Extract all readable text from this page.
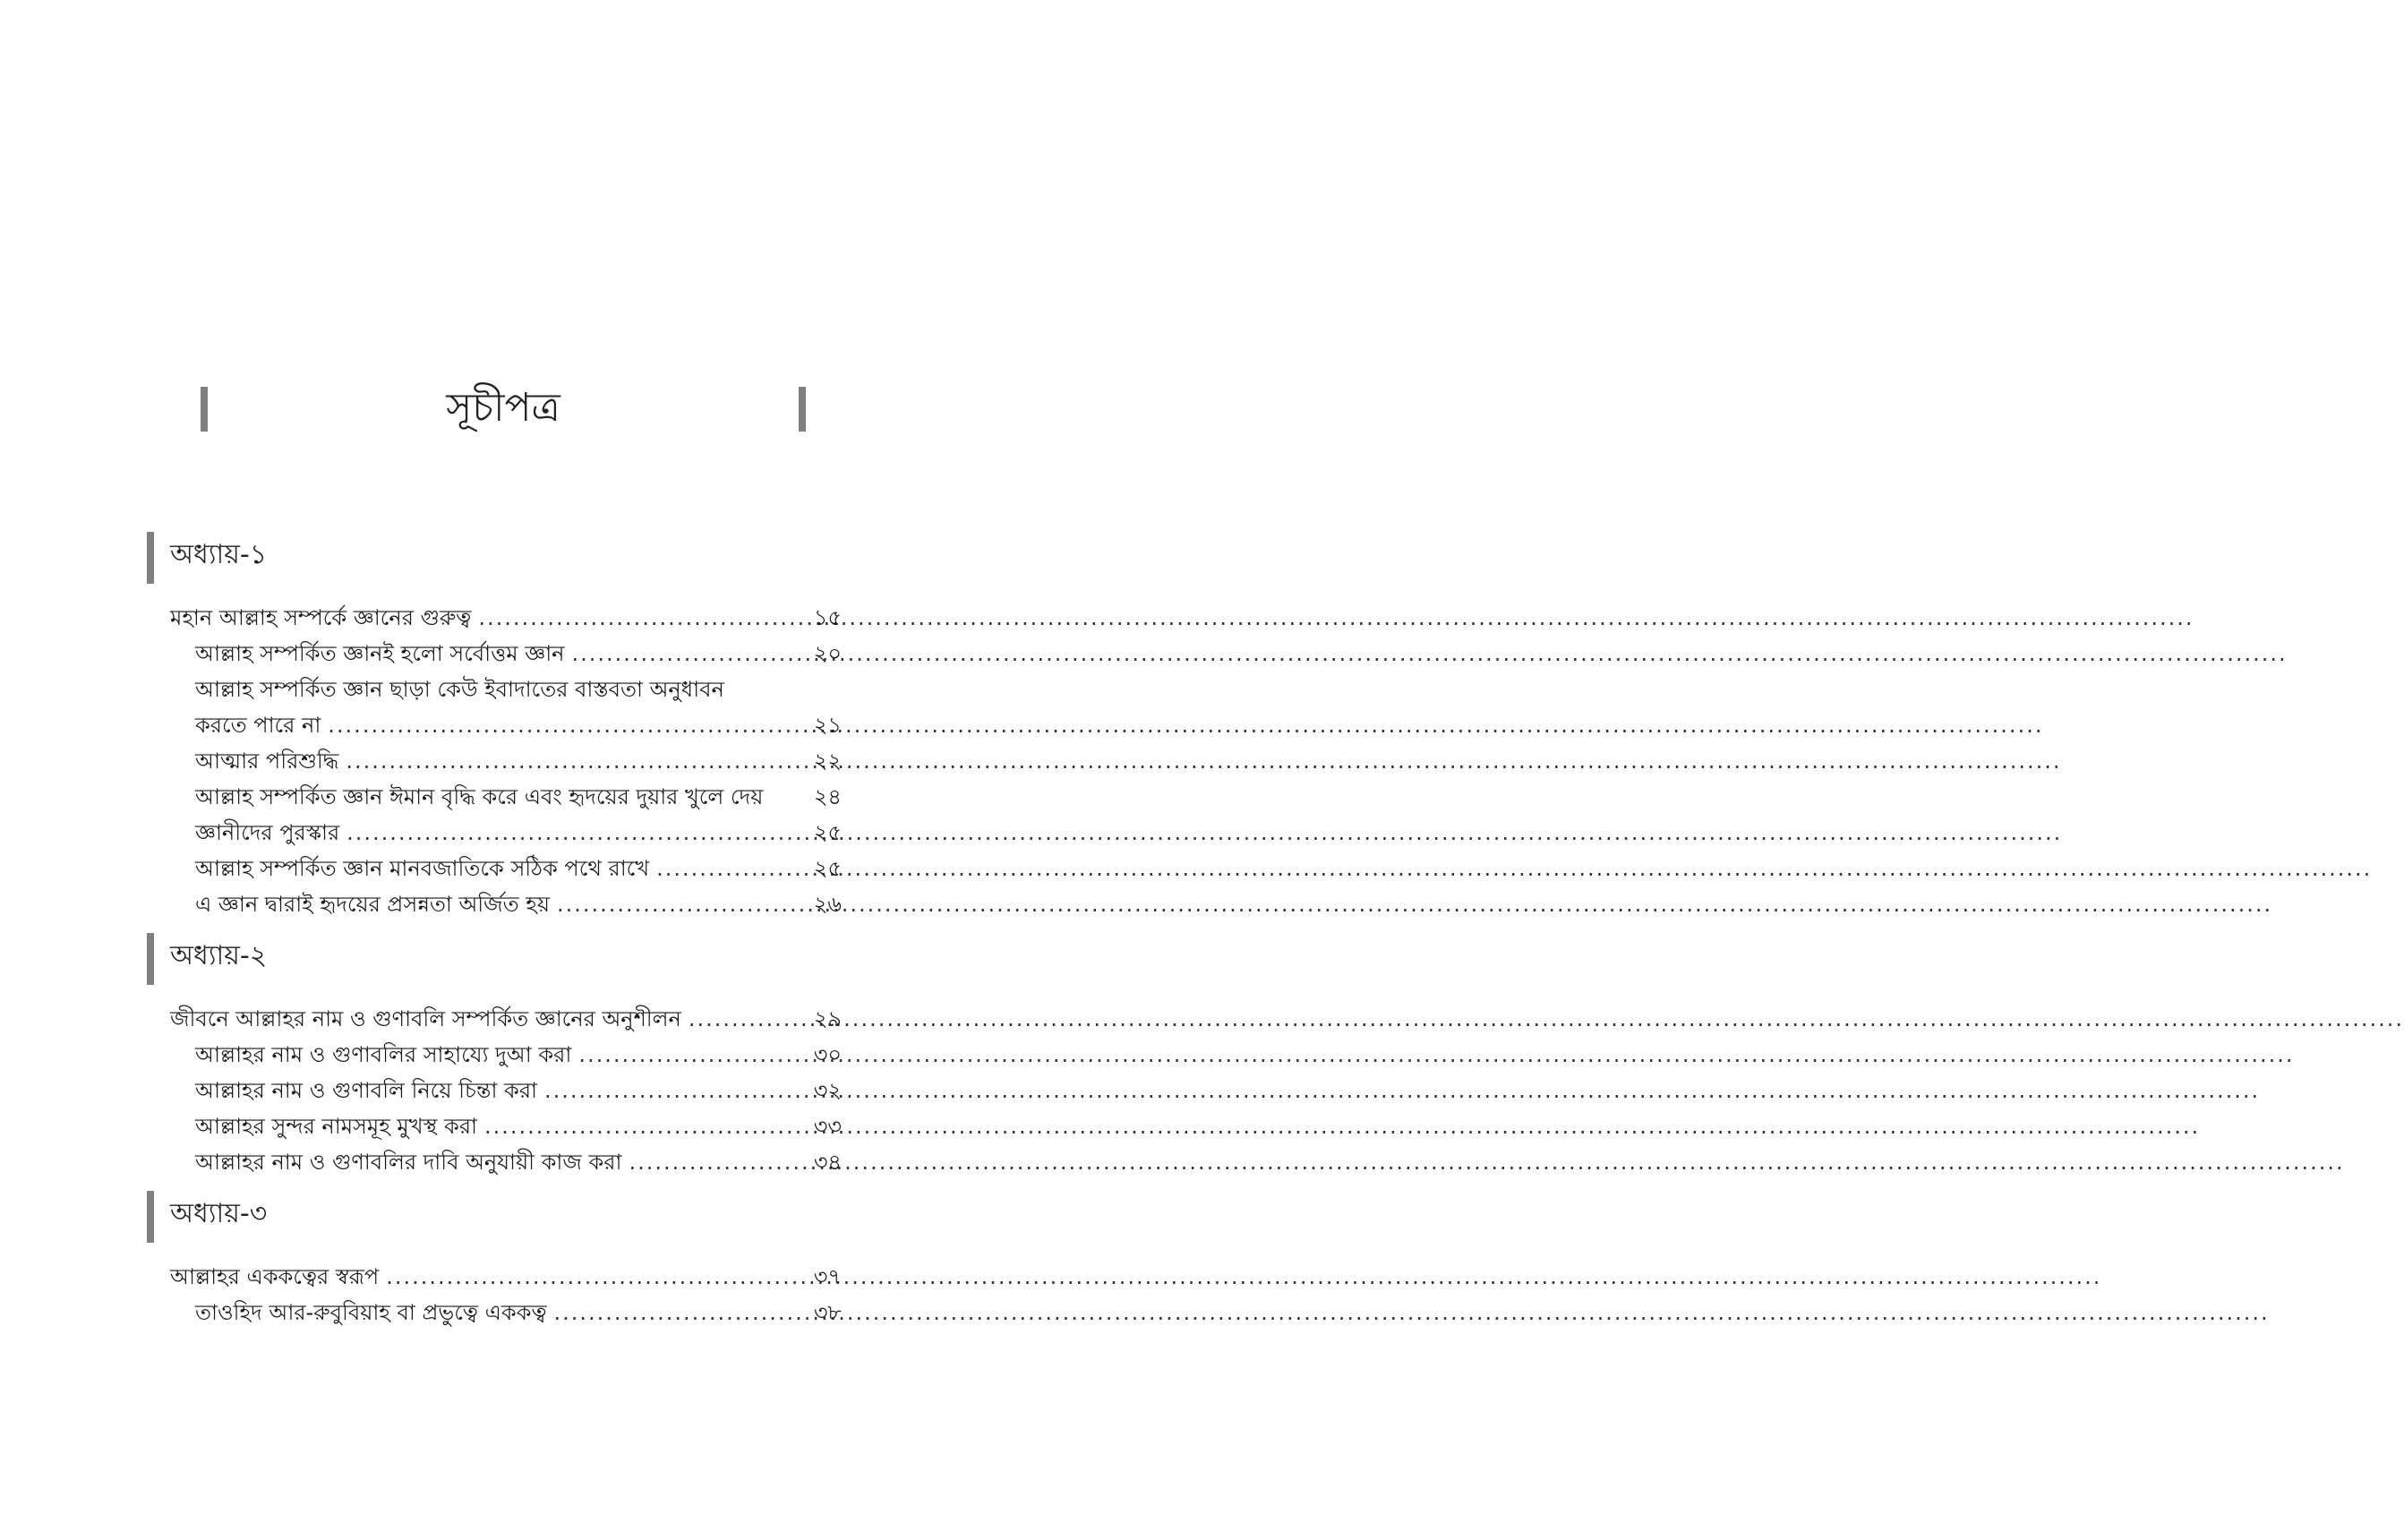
সূচীপত্র
অধ্যায়-১
মহান আল্লাহ সম্পর্কে জ্ঞানের গুরুত্ব .....	১৫
আল্লাহ সম্পর্কিত জ্ঞানই হলো সর্বোত্তম জ্ঞান .....	২০
আল্লাহ সম্পর্কিত জ্ঞান ছাড়া কেউ ইবাদাতের বাস্তবতা অনুধাবন
করতে পারে না .....	২১
আত্মার পরিশুদ্ধি .....	২২
আল্লাহ সম্পর্কিত জ্ঞান ঈমান বৃদ্ধি করে এবং হৃদয়ের দুয়ার খুলে দেয়	২৪
জ্ঞানীদের পুরস্কার .....	২৫
আল্লাহ সম্পর্কিত জ্ঞান মানবজাতিকে সঠিক পথে রাখে .....	২৫
এ জ্ঞান দ্বারাই হৃদয়ের প্রসন্নতা অর্জিত হয় .....	২৬
অধ্যায়-২
জীবনে আল্লাহর নাম ও গুণাবলি সম্পর্কিত জ্ঞানের অনুশীলন .....	২৯
আল্লাহর নাম ও গুণাবলির সাহায্যে দুআ করা .....	৩০
আল্লাহর নাম ও গুণাবলি নিয়ে চিন্তা করা .....	৩২
আল্লাহর সুন্দর নামসমূহ মুখস্থ করা .....	৩৩
আল্লাহর নাম ও গুণাবলির দাবি অনুযায়ী কাজ করা .....	৩৪
অধ্যায়-৩
আল্লাহর এককত্বের স্বরূপ .....	৩৭
তাওহিদ আর-রুবুবিয়াহ বা প্রভুত্বে এককত্ব .....	৩৮
